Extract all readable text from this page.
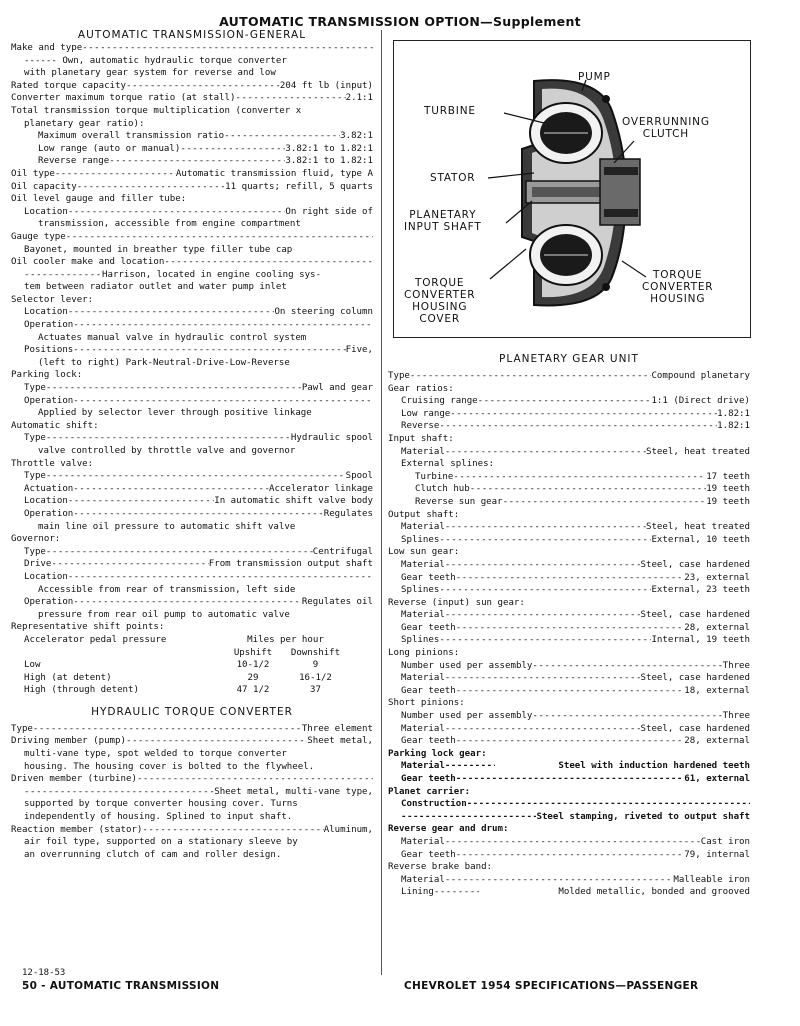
AUTOMATIC TRANSMISSION OPTION—Supplement
AUTOMATIC TRANSMISSION-GENERAL
Make and type
-----
------ Own, automatic hydraulic torque converter
with planetary gear system for reverse and low
Rated torque capacity -----	204 ft lb (input)
Converter maximum torque ratio (at stall) -----	2.1:1
Total transmission torque multiplication (converter x
planetary gear ratio):
Maximum overall transmission ratio -----	3.82:1
Low range (auto or manual) -----	3.82:1 to 1.82:1
Reverse range -----	3.82:1 to 1.82:1
Oil type -----	Automatic transmission fluid, type A
Oil capacity -----	11 quarts; refill, 5 quarts
Oil level gauge and filler tube:
Location -----	On right side of
transmission, accessible from engine compartment
Gauge type
-----
Bayonet, mounted in breather type filler tube cap
Oil cooler make and location
-----
-----
Harrison, located in engine cooling sys-
tem between radiator outlet and water pump inlet
Selector lever:
Location -----	On steering column
Operation
-----
Actuates manual valve in hydraulic control system
Positions -----	Five,
(left to right) Park-Neutral-Drive-Low-Reverse
Parking lock:
Type -----	Pawl and gear
Operation
-----
Applied by selector lever through positive linkage
Automatic shift:
Type -----	Hydraulic spool
valve controlled by throttle valve and governor
Throttle valve:
Type -----	Spool
Actuation -----	Accelerator linkage
Location -----	In automatic shift valve body
Operation -----	Regulates
main line oil pressure to automatic shift valve
Governor:
Type -----	Centrifugal
Drive -----	From transmission output shaft
Location
-----
Accessible from rear of transmission, left side
Operation -----	Regulates oil
pressure from rear oil pump to automatic valve
Representative shift points:
Accelerator pedal pressure	Miles per hour
Upshift	Downshift
Low	10-1/2	9
High (at detent)	29	16-1/2
High (through detent)	47 1/2	37
HYDRAULIC TORQUE CONVERTER
Type -----	Three element
Driving member (pump) -----	Sheet metal,
multi-vane type, spot welded to torque converter
housing. The housing cover is bolted to the flywheel.
Driven member (turbine)
-----
-----
Sheet metal, multi-vane type,
supported by torque converter housing cover. Turns
independently of housing. Splined to input shaft.
Reaction member (stator) -----	Aluminum,
air foil type, supported on a stationary sleeve by
an overrunning clutch of cam and roller design.
PUMP
TURBINE
OVERRUNNING
CLUTCH
STATOR
PLANETARY
INPUT SHAFT
TORQUE
CONVERTER
HOUSING
COVER
TORQUE
CONVERTER
HOUSING
PLANETARY GEAR UNIT
Type -----	Compound planetary
Gear ratios:
Cruising range -----	1:1 (Direct drive)
Low range -----	1.82:1
Reverse -----	1.82:1
Input shaft:
Material -----	Steel, heat treated
External splines:
Turbine -----	17 teeth
Clutch hub -----	19 teeth
Reverse sun gear -----	19 teeth
Output shaft:
Material -----	Steel, heat treated
Splines -----	External, 10 teeth
Low sun gear:
Material -----	Steel, case hardened
Gear teeth -----	23, external
Splines -----	External, 23 teeth
Reverse (input) sun gear:
Material -----	Steel, case hardened
Gear teeth -----	28, external
Splines -----	Internal, 19 teeth
Long pinions:
Number used per assembly -----	Three
Material -----	Steel, case hardened
Gear teeth -----	18, external
Short pinions:
Number used per assembly -----	Three
Material -----	Steel, case hardened
Gear teeth -----	28, external
Parking lock gear:
Material -----	Steel with induction hardened teeth
Gear teeth -----	61, external
Planet carrier:
Construction
-----
-----
Steel stamping, riveted to output shaft
Reverse gear and drum:
Material -----	Cast iron
Gear teeth -----	79, internal
Reverse brake band:
Material -----	Malleable iron
Lining -----	Molded metallic, bonded and grooved
12-18-53
50 - AUTOMATIC TRANSMISSION	CHEVROLET 1954 SPECIFICATIONS—PASSENGER
